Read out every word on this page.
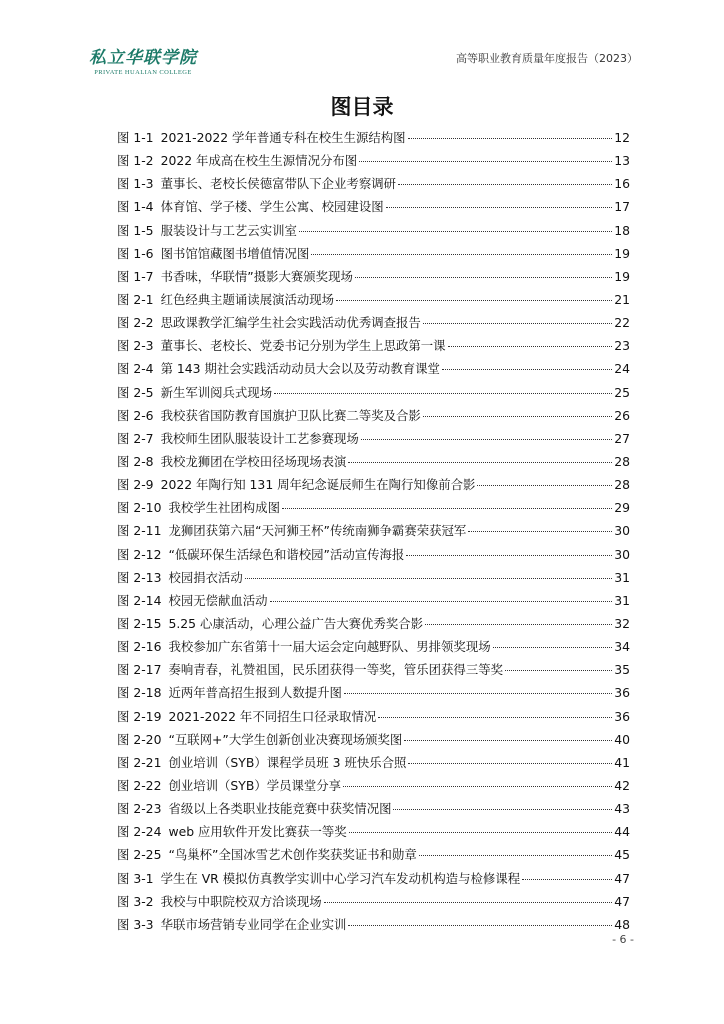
私立华联学院
PRIVATE HUALIAN COLLEGE
高等职业教育质量年度报告（2023）
图目录
图 1-1 2021-2022 学年普通专科在校生生源结构图	12
图 1-2 2022 年成高在校生生源情况分布图	13
图 1-3 董事长、老校长侯德富带队下企业考察调研	16
图 1-4 体育馆、学子楼、学生公寓、校园建设图	17
图 1-5 服装设计与工艺云实训室	18
图 1-6 图书馆馆藏图书增值情况图	19
图 1-7 书香味，华联情”摄影大赛颁奖现场	19
图 2-1 红色经典主题诵读展演活动现场	21
图 2-2 思政课教学汇编学生社会实践活动优秀调查报告	22
图 2-3 董事长、老校长、党委书记分别为学生上思政第一课	23
图 2-4 第 143 期社会实践活动动员大会以及劳动教育课堂	24
图 2-5 新生军训阅兵式现场	25
图 2-6 我校获省国防教育国旗护卫队比赛二等奖及合影	26
图 2-7 我校师生团队服装设计工艺参赛现场	27
图 2-8 我校龙狮团在学校田径场现场表演	28
图 2-9 2022 年陶行知 131 周年纪念诞辰师生在陶行知像前合影	28
图 2-10 我校学生社团构成图	29
图 2-11 龙狮团获第六届“天河狮王杯”传统南狮争霸赛荣获冠军	30
图 2-12 “低碳环保生活绿色和谐校园”活动宣传海报	30
图 2-13 校园捐衣活动	31
图 2-14 校园无偿献血活动	31
图 2-15 5.25 心康活动，心理公益广告大赛优秀奖合影	32
图 2-16 我校参加广东省第十一届大运会定向越野队、男排领奖现场	34
图 2-17 奏响青春，礼赞祖国，民乐团获得一等奖，管乐团获得三等奖	35
图 2-18 近两年普高招生报到人数提升图	36
图 2-19 2021-2022 年不同招生口径录取情况	36
图 2-20 “互联网+”大学生创新创业决赛现场颁奖图	40
图 2-21 创业培训（SYB）课程学员班 3 班快乐合照	41
图 2-22 创业培训（SYB）学员课堂分享	42
图 2-23 省级以上各类职业技能竞赛中获奖情况图	43
图 2-24 web 应用软件开发比赛获一等奖	44
图 2-25 “鸟巢杯”全国冰雪艺术创作奖获奖证书和勋章	45
图 3-1 学生在 VR 模拟仿真教学实训中心学习汽车发动机构造与检修课程	47
图 3-2 我校与中职院校双方洽谈现场	47
图 3-3 华联市场营销专业同学在企业实训	48
- 6 -
